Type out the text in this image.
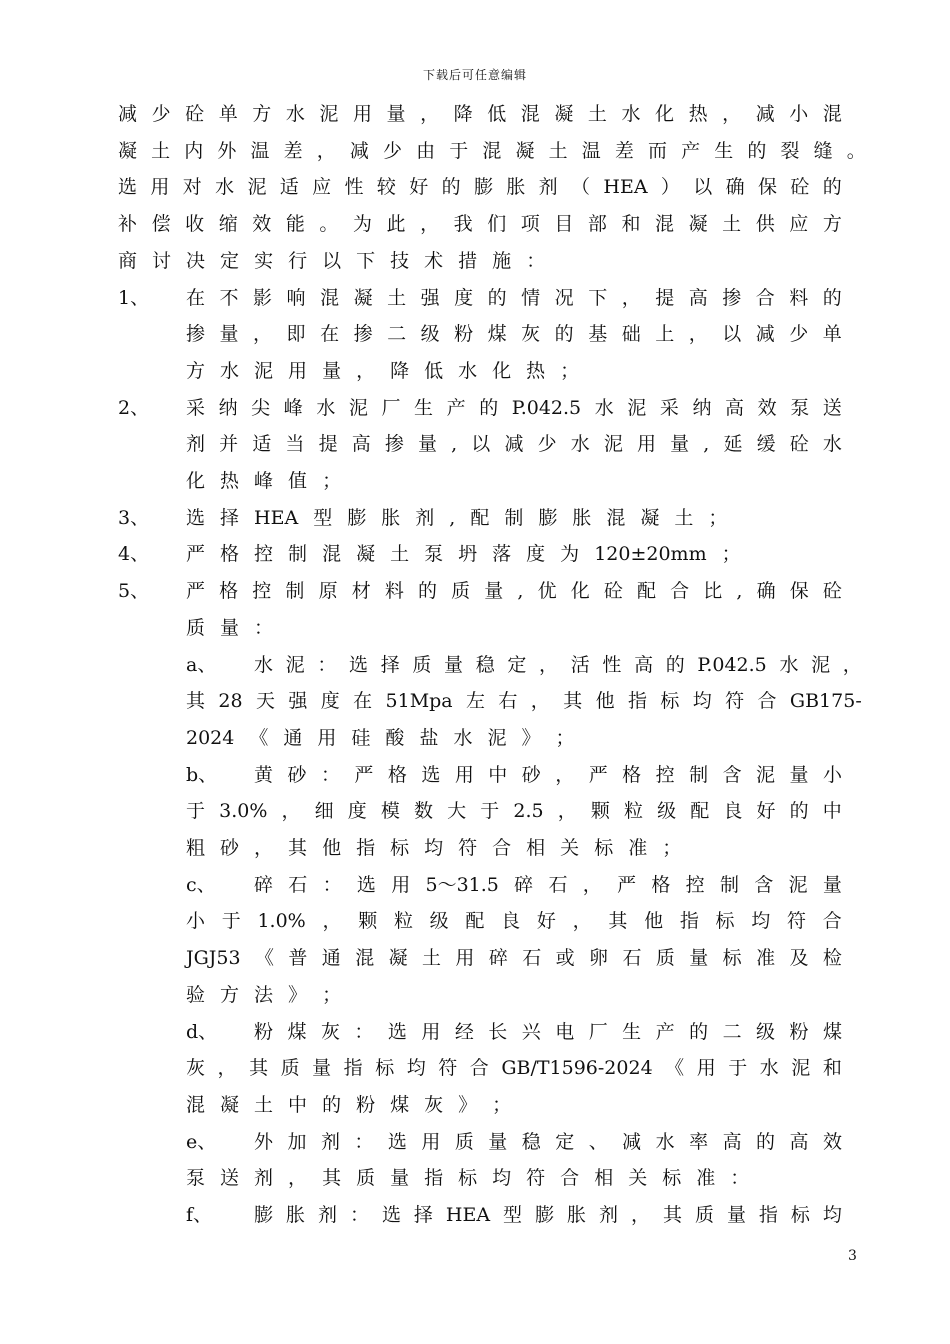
下载后可任意编辑
减 少 砼 单 方 水 泥 用 量 ， 降 低 混 凝 土 水 化 热 ， 减 小 混
凝 土 内 外 温 差 ， 减 少 由 于 混 凝 土 温 差 而 产 生 的 裂 缝 。
选 用 对 水 泥 适 应 性 较 好 的 膨 胀 剂 （ HEA ） 以 确 保 砼 的
补 偿 收 缩 效 能 。 为 此 ， 我 们 项 目 部 和 混 凝 土 供 应 方
商 讨 决 定 实 行 以 下 技 术 措 施 ：
1、 在 不 影 响 混 凝 土 强 度 的 情 况 下 ， 提 高 掺 合 料 的
掺 量 ， 即 在 掺 二 级 粉 煤 灰 的 基 础 上 ， 以 减 少 单
方 水 泥 用 量 ， 降 低 水 化 热 ；
2、 采 纳 尖 峰 水 泥 厂 生 产 的 P.042.5 水 泥 采 纳 高 效 泵 送
剂 并 适 当 提 高 掺 量 , 以 减 少 水 泥 用 量 , 延 缓 砼 水
化 热 峰 值 ；
3、 选 择 HEA 型 膨 胀 剂 , 配 制 膨 胀 混 凝 土 ；
4、 严 格 控 制 混 凝 土 泵 坍 落 度 为 120±20mm ；
5、 严 格 控 制 原 材 料 的 质 量 , 优 化 砼 配 合 比 , 确 保 砼
质 量 ：
a、 水 泥 ： 选 择 质 量 稳 定 ， 活 性 高 的 P.042.5 水 泥 ，
其 28 天 强 度 在 51Mpa 左 右 ， 其 他 指 标 均 符 合 GB175-
2024 《 通 用 硅 酸 盐 水 泥 》 ；
b、 黄 砂 ： 严 格 选 用 中 砂 ， 严 格 控 制 含 泥 量 小
于 3.0% ， 细 度 模 数 大 于 2.5 ， 颗 粒 级 配 良 好 的 中
粗 砂 ， 其 他 指 标 均 符 合 相 关 标 准 ；
c、 碎 石 ： 选 用 5～31.5 碎 石 ， 严 格 控 制 含 泥 量
小 于 1.0% ， 颗 粒 级 配 良 好 ， 其 他 指 标 均 符 合
JGJ53 《 普 通 混 凝 土 用 碎 石 或 卵 石 质 量 标 准 及 检
验 方 法 》 ；
d、 粉 煤 灰 ： 选 用 经 长 兴 电 厂 生 产 的 二 级 粉 煤
灰 ， 其 质 量 指 标 均 符 合 GB/T1596-2024 《 用 于 水 泥 和
混 凝 土 中 的 粉 煤 灰 》 ；
e、 外 加 剂 ： 选 用 质 量 稳 定 、 减 水 率 高 的 高 效
泵 送 剂 ， 其 质 量 指 标 均 符 合 相 关 标 准 ：
f、 膨 胀 剂 ： 选 择 HEA 型 膨 胀 剂 ， 其 质 量 指 标 均
3
